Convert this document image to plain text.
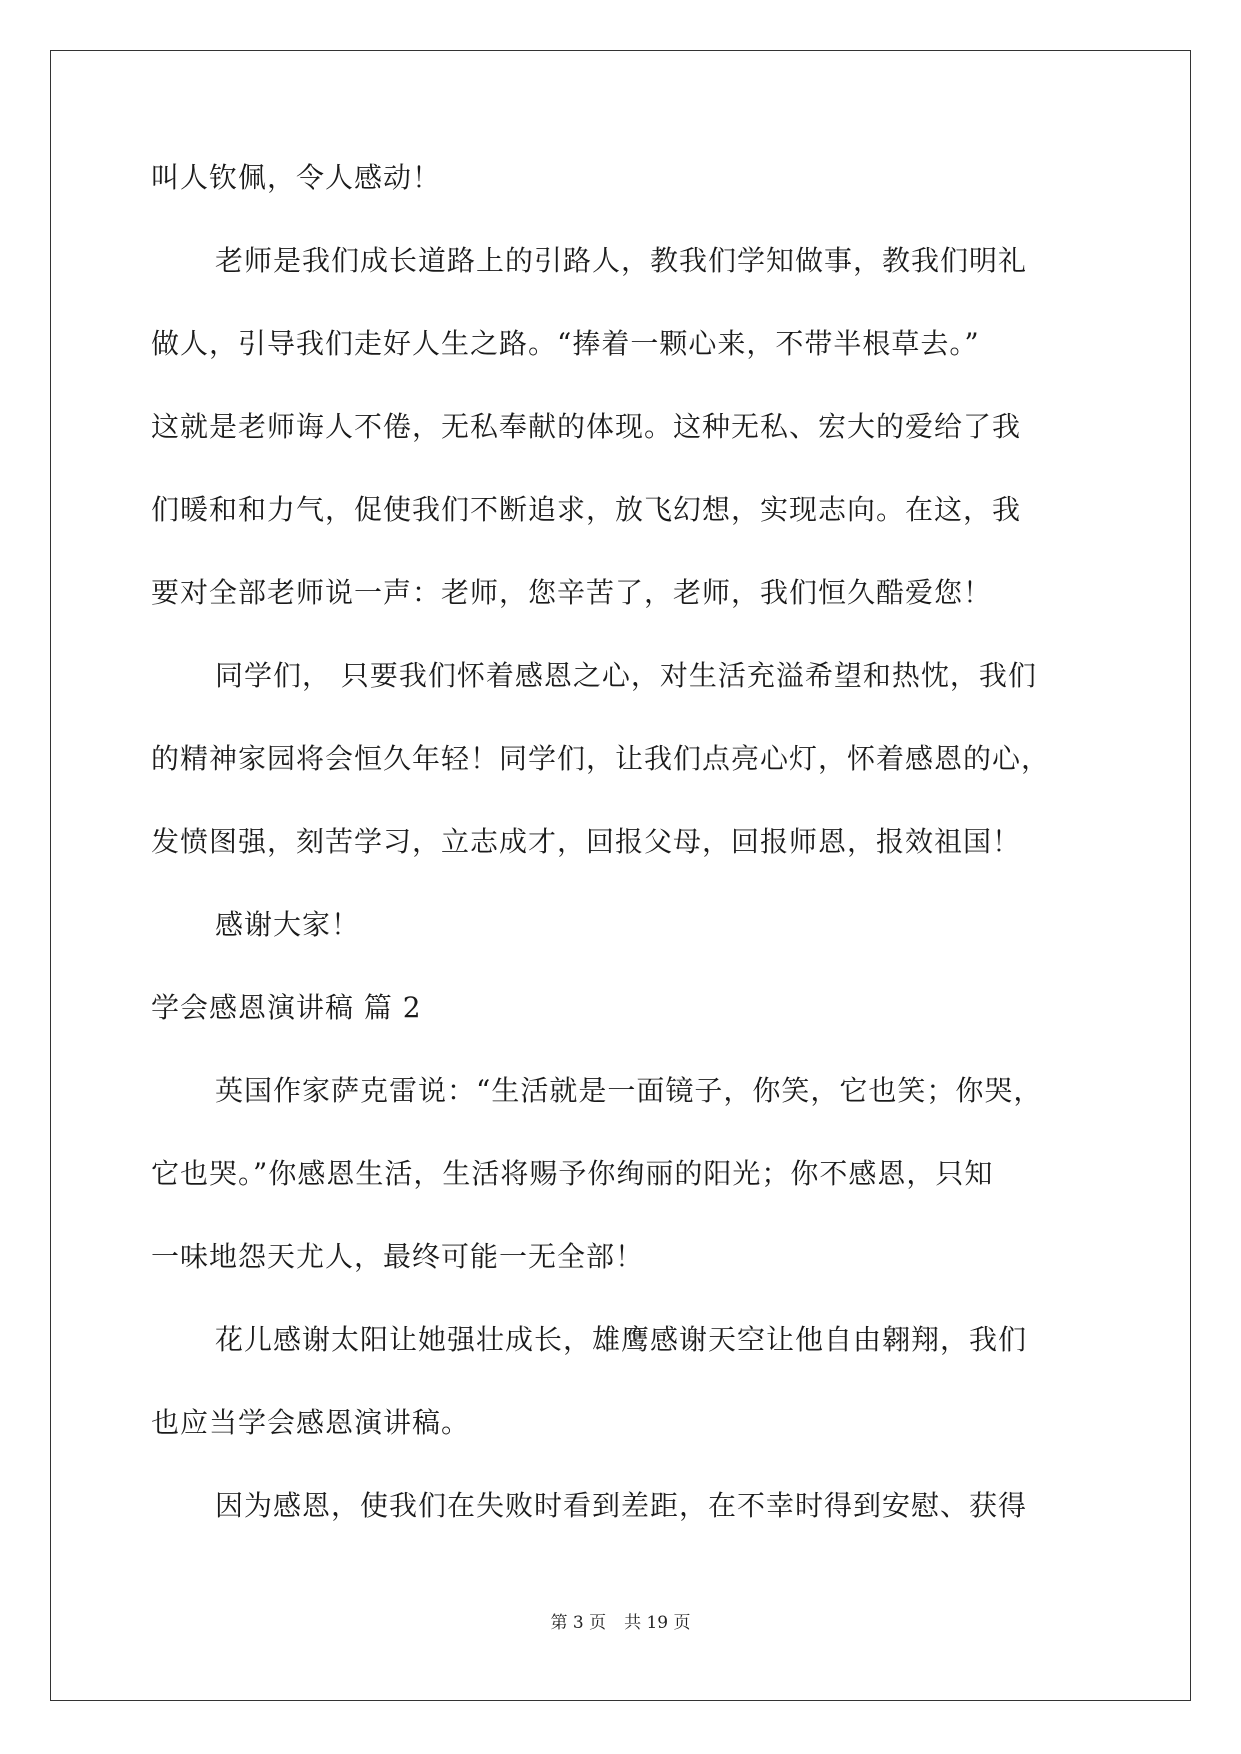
叫人钦佩，令人感动！
老师是我们成长道路上的引路人，教我们学知做事，教我们明礼
做人，引导我们走好人生之路。“捧着一颗心来，不带半根草去。”
这就是老师诲人不倦，无私奉献的体现。这种无私、宏大的爱给了我
们暖和和力气，促使我们不断追求，放飞幻想，实现志向。在这，我
要对全部老师说一声：老师，您辛苦了，老师，我们恒久酷爱您！
同学们， 只要我们怀着感恩之心，对生活充溢希望和热忱，我们
的精神家园将会恒久年轻！同学们，让我们点亮心灯，怀着感恩的心，
发愤图强，刻苦学习，立志成才，回报父母，回报师恩，报效祖国！
感谢大家！
学会感恩演讲稿 篇 2
英国作家萨克雷说：“生活就是一面镜子，你笑，它也笑；你哭，
它也哭。”你感恩生活，生活将赐予你绚丽的阳光；你不感恩，只知
一味地怨天尤人，最终可能一无全部！
花儿感谢太阳让她强壮成长，雄鹰感谢天空让他自由翱翔，我们
也应当学会感恩演讲稿。
因为感恩，使我们在失败时看到差距，在不幸时得到安慰、获得
第 3 页 共 19 页
